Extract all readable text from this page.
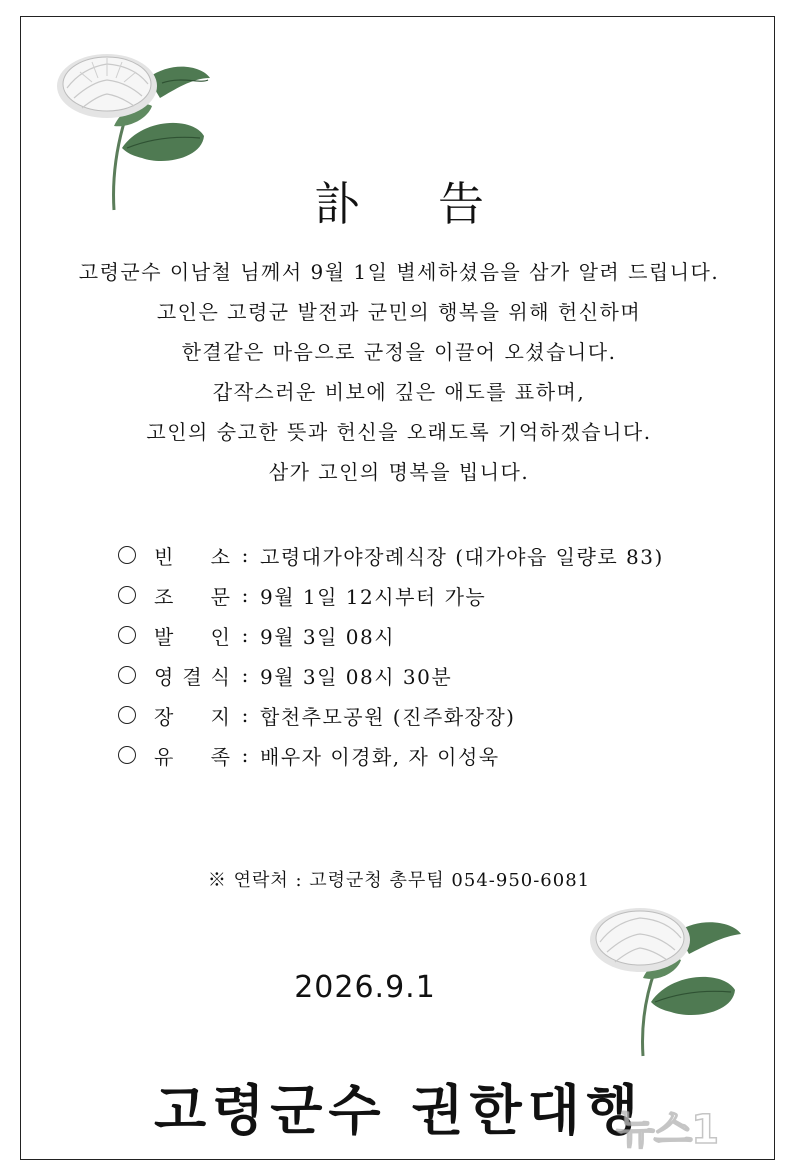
訃告
고령군수 이남철 님께서 9월 1일 별세하셨음을 삼가 알려 드립니다.
고인은 고령군 발전과 군민의 행복을 위해 헌신하며
한결같은 마음으로 군정을 이끌어 오셨습니다.
갑작스러운 비보에 깊은 애도를 표하며,
고인의 숭고한 뜻과 헌신을 오래도록 기억하겠습니다.
삼가 고인의 명복을 빕니다.
빈 소 : 고령대가야장례식장 (대가야읍 일량로 83)
조 문 : 9월 1일 12시부터 가능
발 인 : 9월 3일 08시
영 결 식 : 9월 3일 08시 30분
장 지 : 합천추모공원 (진주화장장)
유 족 : 배우자 이경화, 자 이성욱
※ 연락처 : 고령군청 총무팀 054-950-6081
2026.9.1
고령군수 권한대행
뉴스1
